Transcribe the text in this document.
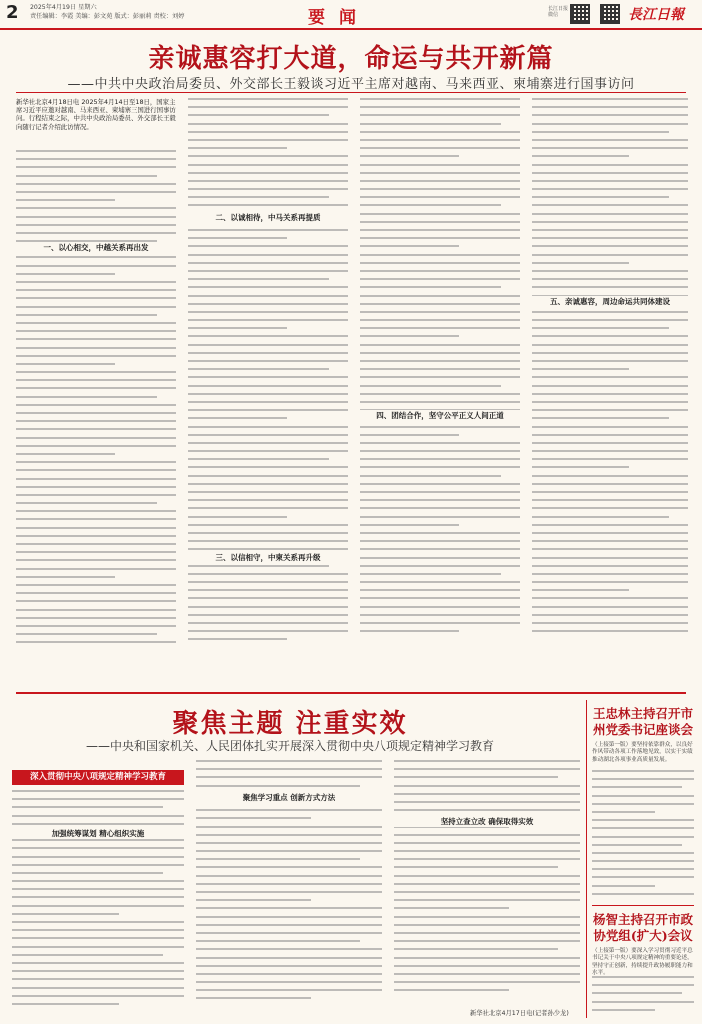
2 2025年4月19日 星期六
责任编辑：李霞 美编：彭文苑 版式：彭丽莉 责校：刘婷	要闻	长江日报微信	長江日報
亲诚惠容打大道，命运与共开新篇
——中共中央政治局委员、外交部长王毅谈习近平主席对越南、马来西亚、柬埔寨进行国事访问
新华社北京4月18日电 2025年4月14日至18日，国家主席习近平应邀对越南、马来西亚、柬埔寨三国进行国事访问。行程结束之际，中共中央政治局委员、外交部长王毅向随行记者介绍此访情况。
一、以心相交，中越关系再出发
二、以诚相待，中马关系再提质
三、以信相守，中柬关系再升级
四、团结合作，坚守公平正义人间正道
五、亲诚惠容，周边命运共同体建设
聚焦主题 注重实效
——中央和国家机关、人民团体扎实开展深入贯彻中央八项规定精神学习教育
深入贯彻中央八项规定精神学习教育
加强统筹谋划 精心组织实施
聚焦学习重点 创新方式方法
坚持立查立改 确保取得实效
新华社北京4月17日电(记者孙少龙)
王忠林主持召开市州党委书记座谈会
（上接第一版）要坚持依靠群众，以良好作风带动各项工作落地见效，以实干实绩推动湖北各项事业高质量发展。
杨智主持召开市政协党组(扩大)会议
（上接第一版）要深入学习贯彻习近平总书记关于中央八项规定精神的重要论述，坚持守正创新，持续提升政协履职能力和水平。
